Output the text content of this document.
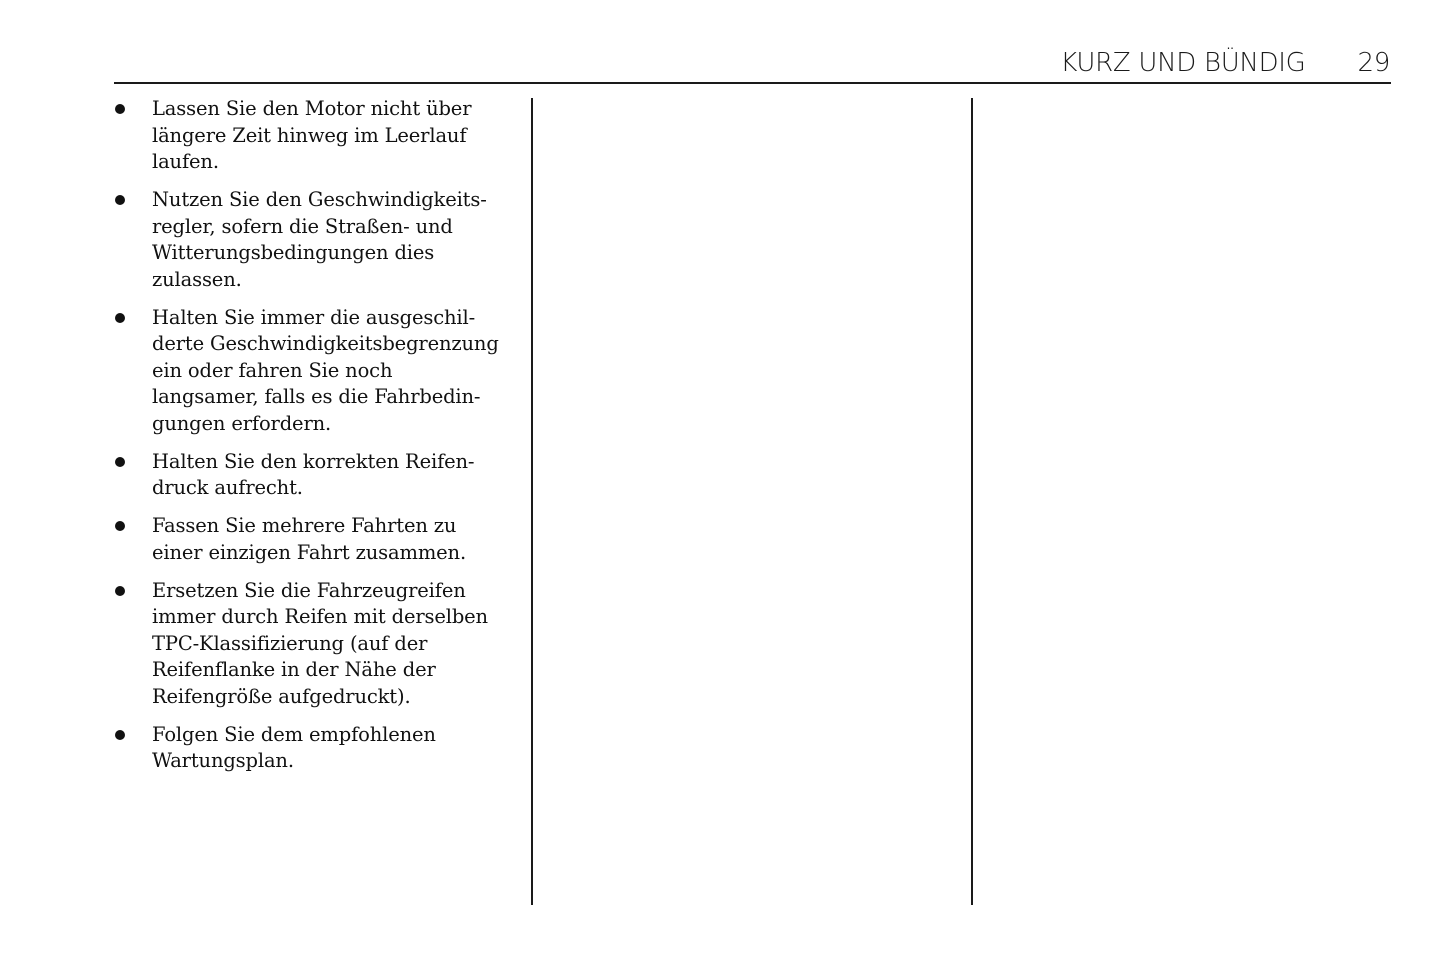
KURZ UND BÜNDIG 29
Lassen Sie den Motor nicht über
längere Zeit hinweg im Leerlauf
laufen.
Nutzen Sie den Geschwindigkeits-
regler, sofern die Straßen- und
Witterungsbedingungen dies
zulassen.
Halten Sie immer die ausgeschil-
derte Geschwindigkeitsbegrenzung
ein oder fahren Sie noch
langsamer, falls es die Fahrbedin-
gungen erfordern.
Halten Sie den korrekten Reifen-
druck aufrecht.
Fassen Sie mehrere Fahrten zu
einer einzigen Fahrt zusammen.
Ersetzen Sie die Fahrzeugreifen
immer durch Reifen mit derselben
TPC-Klassifizierung (auf der
Reifenflanke in der Nähe der
Reifengröße aufgedruckt).
Folgen Sie dem empfohlenen
Wartungsplan.
